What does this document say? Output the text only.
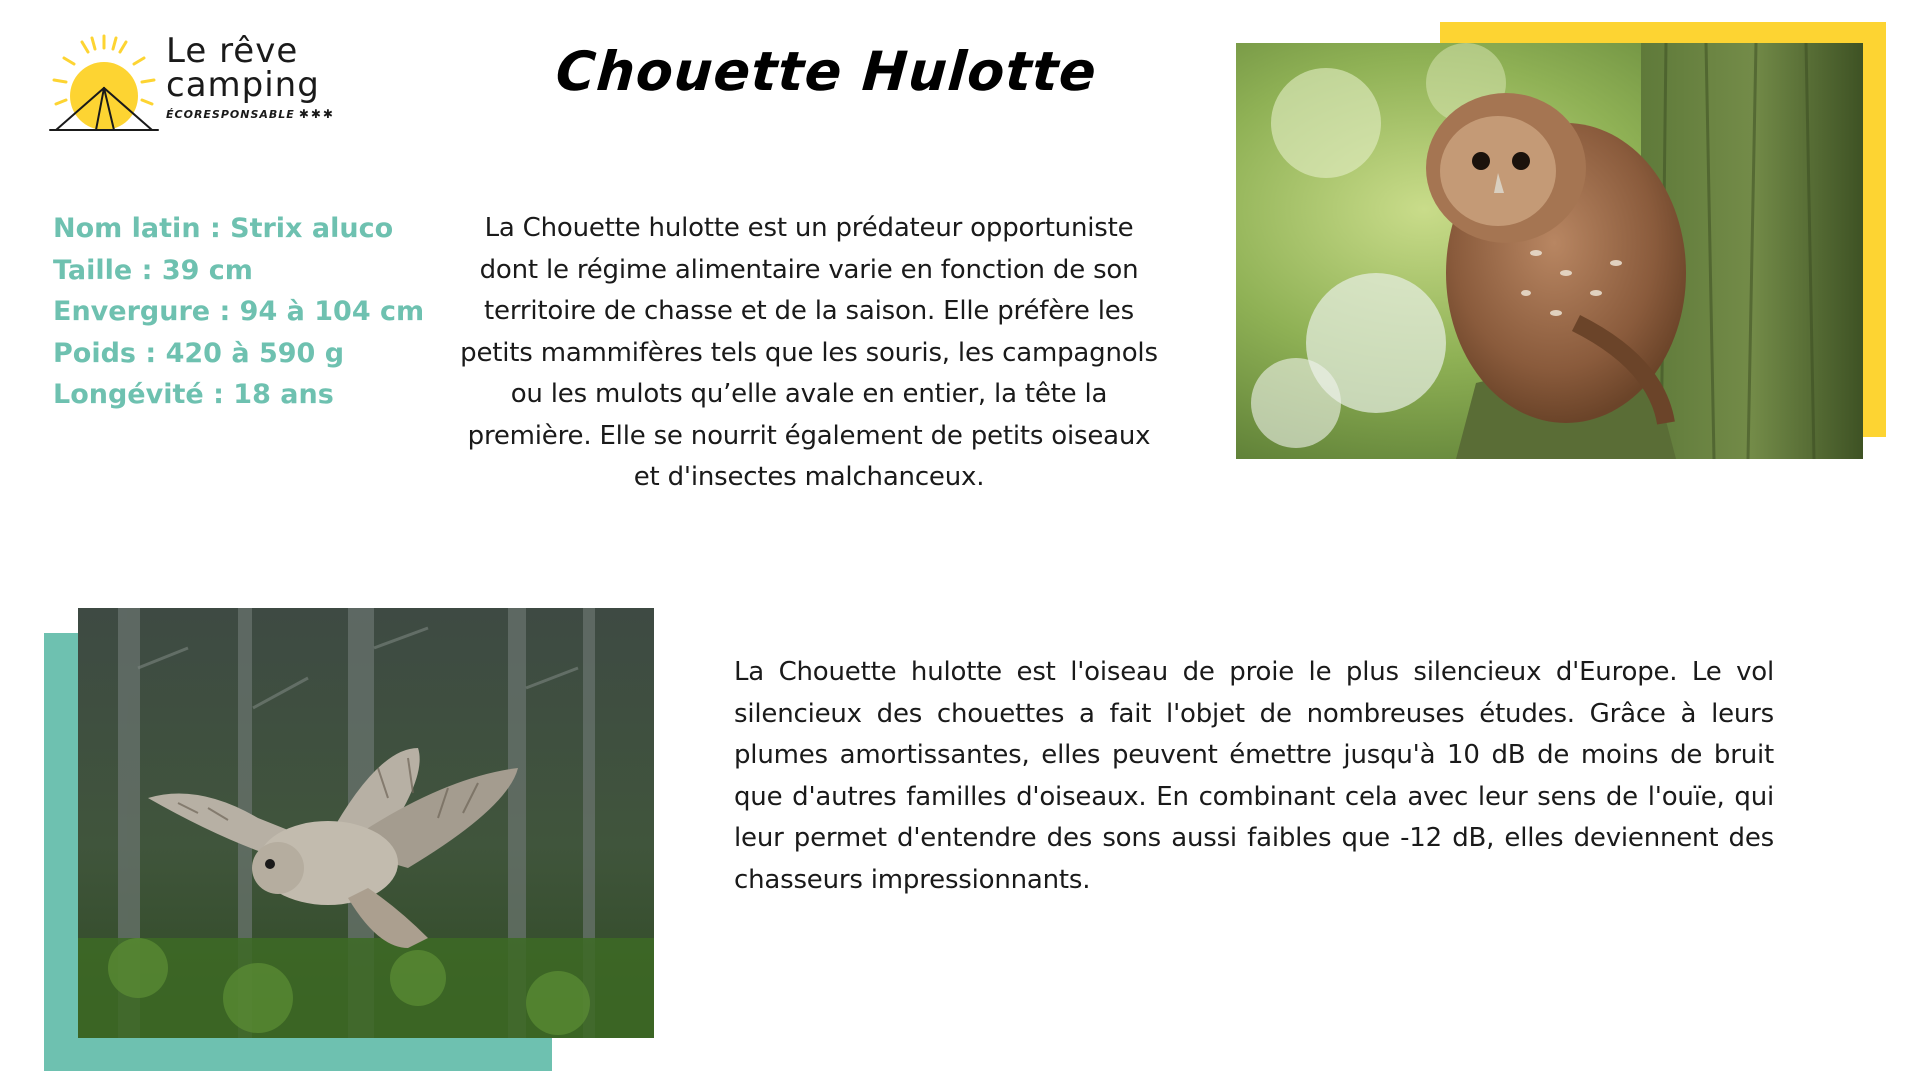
Le rêve
camping
ÉCORESPONSABLE ✱✱✱
Chouette Hulotte
Nom latin : Strix aluco
Taille : 39 cm
Envergure : 94 à 104 cm
Poids : 420 à 590 g
Longévité : 18 ans

La Chouette hulotte est un prédateur opportuniste dont le régime alimentaire varie en fonction de son territoire de chasse et de la saison. Elle préfère les petits mammifères tels que les souris, les campagnols ou les mulots qu’elle avale en entier, la tête la première. Elle se nourrit également de petits oiseaux et d'insectes malchanceux.

La Chouette hulotte est l'oiseau de proie le plus silencieux d'Europe. Le vol silencieux des chouettes a fait l'objet de nombreuses études. Grâce à leurs plumes amortissantes, elles peuvent émettre jusqu'à 10 dB de moins de bruit que d'autres familles d'oiseaux. En combinant cela avec leur sens de l'ouïe, qui leur permet d'entendre des sons aussi faibles que -12 dB, elles deviennent des chasseurs impressionnants.
